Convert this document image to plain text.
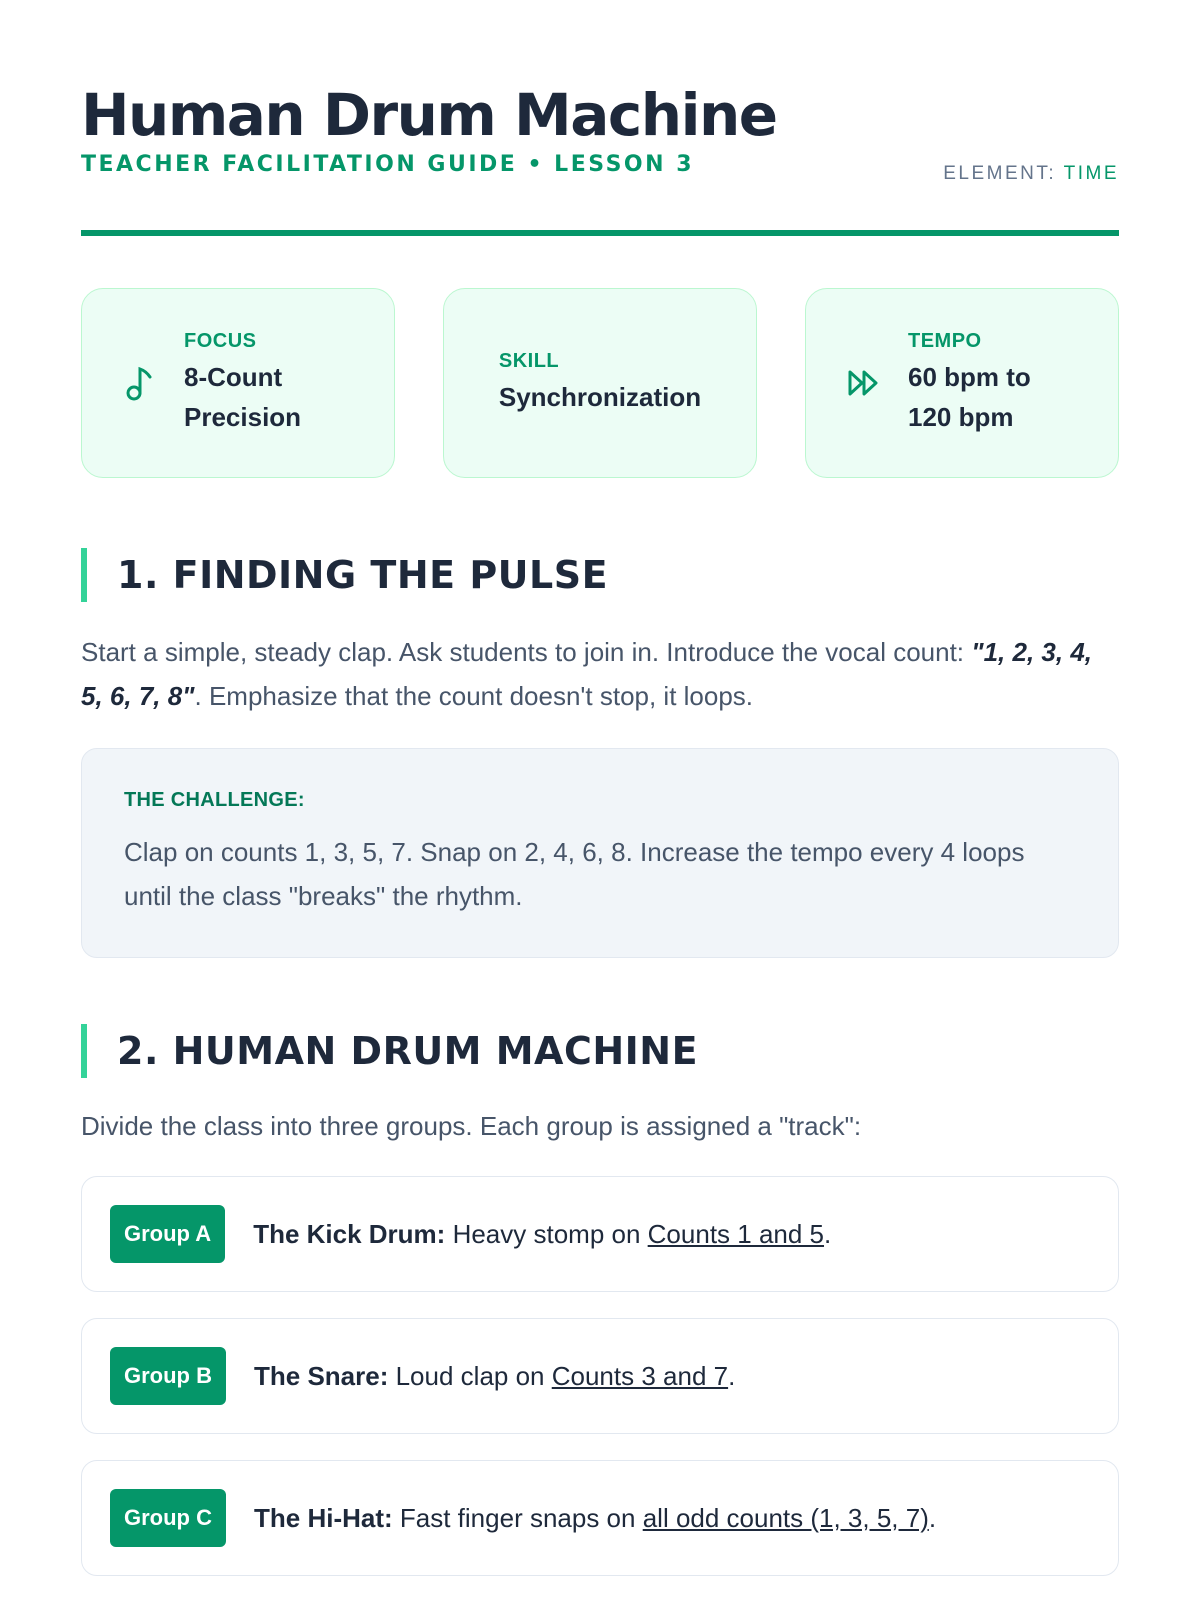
Human Drum Machine
TEACHER FACILITATION GUIDE • LESSON 3	ELEMENT: TIME
FOCUS
8-Count
Precision
SKILL
Synchronization
TEMPO
60 bpm to
120 bpm
1. FINDING THE PULSE

Start a simple, steady clap. Ask students to join in. Introduce the vocal count: "1, 2, 3, 4, 5, 6, 7, 8". Emphasize that the count doesn't stop, it loops.

THE CHALLENGE:
Clap on counts 1, 3, 5, 7. Snap on 2, 4, 6, 8. Increase the tempo every 4 loops until the class "breaks" the rhythm.
2. HUMAN DRUM MACHINE

Divide the class into three groups. Each group is assigned a "track":

Group A	The Kick Drum: Heavy stomp on Counts 1 and 5.
Group B	The Snare: Loud clap on Counts 3 and 7.
Group C	The Hi-Hat: Fast finger snaps on all odd counts (1, 3, 5, 7).
